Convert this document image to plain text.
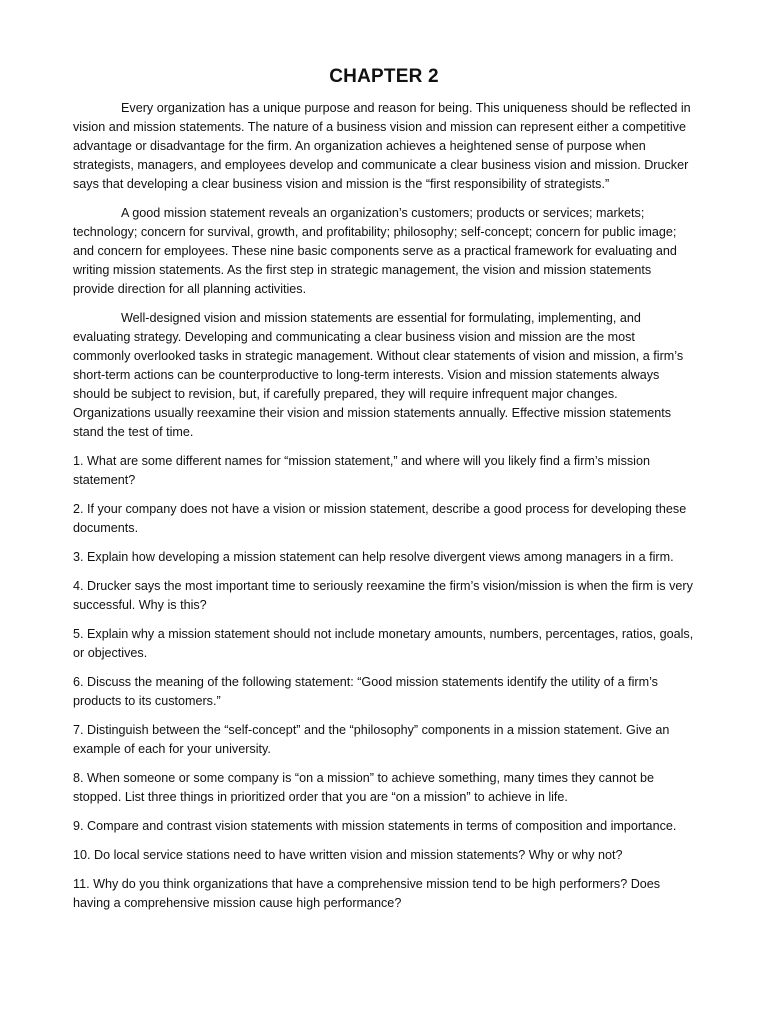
CHAPTER 2

Every organization has a unique purpose and reason for being. This uniqueness should be reflected in vision and mission statements. The nature of a business vision and mission can represent either a competitive advantage or disadvantage for the firm. An organization achieves a heightened sense of purpose when strategists, managers, and employees develop and communicate a clear business vision and mission. Drucker says that developing a clear business vision and mission is the “first responsibility of strategists.”

A good mission statement reveals an organization’s customers; products or services; markets; technology; concern for survival, growth, and profitability; philosophy; self-concept; concern for public image; and concern for employees. These nine basic components serve as a practical framework for evaluating and writing mission statements. As the first step in strategic management, the vision and mission statements provide direction for all planning activities.

Well-designed vision and mission statements are essential for formulating, implementing, and evaluating strategy. Developing and communicating a clear business vision and mission are the most commonly overlooked tasks in strategic management. Without clear statements of vision and mission, a firm’s short-term actions can be counterproductive to long-term interests. Vision and mission statements always should be subject to revision, but, if carefully prepared, they will require infrequent major changes. Organizations usually reexamine their vision and mission statements annually. Effective mission statements stand the test of time.

1. What are some different names for “mission statement,” and where will you likely find a firm’s mission statement?

2. If your company does not have a vision or mission statement, describe a good process for developing these documents.

3. Explain how developing a mission statement can help resolve divergent views among managers in a firm.

4. Drucker says the most important time to seriously reexamine the firm’s vision/mission is when the firm is very successful. Why is this?

5. Explain why a mission statement should not include monetary amounts, numbers, percentages, ratios, goals, or objectives.

6. Discuss the meaning of the following statement: “Good mission statements identify the utility of a firm’s products to its customers.”

7. Distinguish between the “self-concept” and the “philosophy” components in a mission statement. Give an example of each for your university.

8. When someone or some company is “on a mission” to achieve something, many times they cannot be stopped. List three things in prioritized order that you are “on a mission” to achieve in life.

9. Compare and contrast vision statements with mission statements in terms of composition and importance.

10. Do local service stations need to have written vision and mission statements? Why or why not?

11. Why do you think organizations that have a comprehensive mission tend to be high performers? Does having a comprehensive mission cause high performance?
